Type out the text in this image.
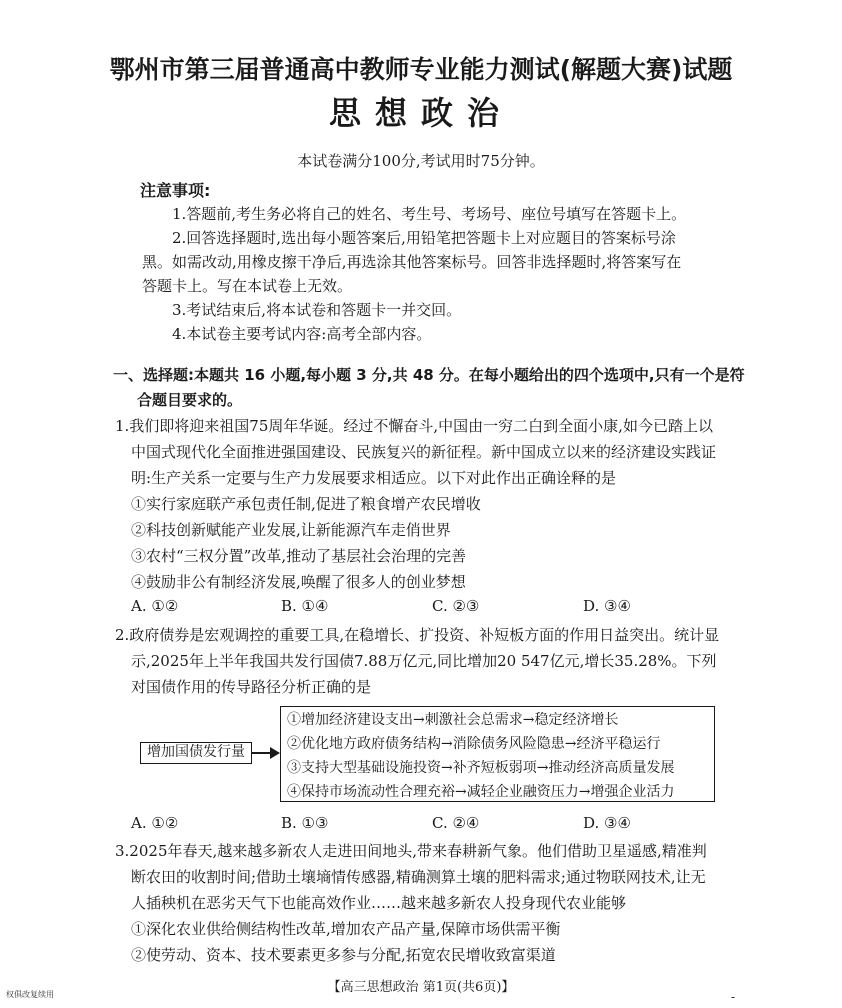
鄂州市第三届普通高中教师专业能力测试(解题大赛)试题
思想政治
本试卷满分100分,考试用时75分钟。
注意事项:
1.答题前,考生务必将自己的姓名、考生号、考场号、座位号填写在答题卡上。
2.回答选择题时,选出每小题答案后,用铅笔把答题卡上对应题目的答案标号涂
黑。如需改动,用橡皮擦干净后,再选涂其他答案标号。回答非选择题时,将答案写在
答题卡上。写在本试卷上无效。
3.考试结束后,将本试卷和答题卡一并交回。
4.本试卷主要考试内容:高考全部内容。
一、选择题:本题共 16 小题,每小题 3 分,共 48 分。在每小题给出的四个选项中,只有一个是符
合题目要求的。
1.我们即将迎来祖国75周年华诞。经过不懈奋斗,中国由一穷二白到全面小康,如今已踏上以
中国式现代化全面推进强国建设、民族复兴的新征程。新中国成立以来的经济建设实践证
明:生产关系一定要与生产力发展要求相适应。以下对此作出正确诠释的是
①实行家庭联产承包责任制,促进了粮食增产农民增收
②科技创新赋能产业发展,让新能源汽车走俏世界
③农村“三权分置”改革,推动了基层社会治理的完善
④鼓励非公有制经济发展,唤醒了很多人的创业梦想
A. ①②	B. ①④	C. ②③	D. ③④
2.政府债券是宏观调控的重要工具,在稳增长、扩投资、补短板方面的作用日益突出。统计显
示,2025年上半年我国共发行国债7.88万亿元,同比增加20 547亿元,增长35.28%。下列
对国债作用的传导路径分析正确的是
增加国债发行量
①增加经济建设支出→刺激社会总需求→稳定经济增长
②优化地方政府债务结构→消除债务风险隐患→经济平稳运行
③支持大型基础设施投资→补齐短板弱项→推动经济高质量发展
④保持市场流动性合理充裕→减轻企业融资压力→增强企业活力
A. ①②	B. ①③	C. ②④	D. ③④
3.2025年春天,越来越多新农人走进田间地头,带来春耕新气象。他们借助卫星遥感,精准判
断农田的收割时间;借助土壤墒情传感器,精确测算土壤的肥料需求;通过物联网技术,让无
人插秧机在恶劣天气下也能高效作业……越来越多新农人投身现代农业能够
①深化农业供给侧结构性改革,增加农产品产量,保障市场供需平衡
②使劳动、资本、技术要素更多参与分配,拓宽农民增收致富渠道
【高三思想政治 第1页(共6页)】
权俱改复续用	-
